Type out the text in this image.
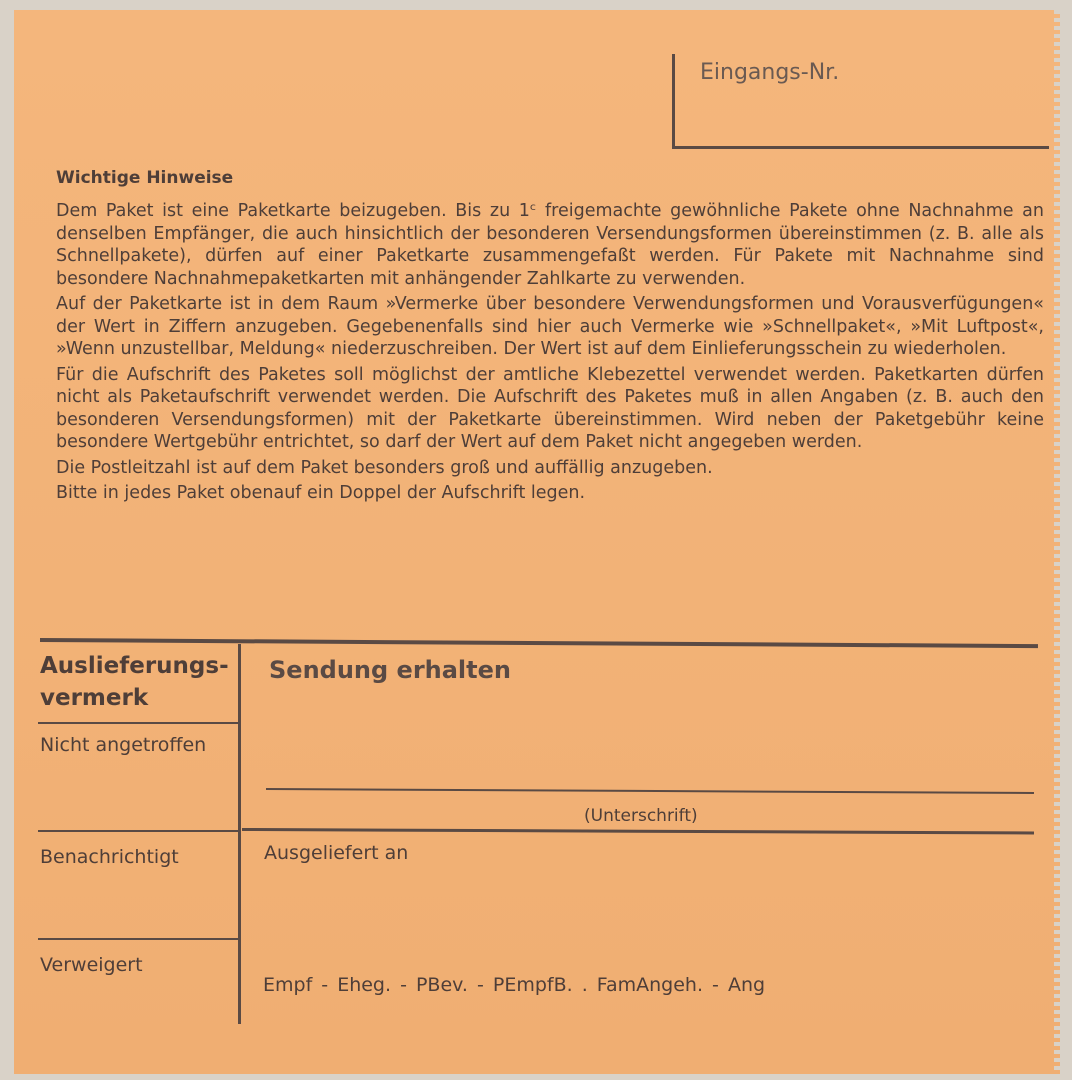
Eingangs-Nr.
Wichtige Hinweise

Dem Paket ist eine Paketkarte beizugeben. Bis zu 1ᶜ freigemachte gewöhnliche Pakete ohne Nachnahme an denselben Empfänger, die auch hinsichtlich der besonderen Versendungsformen übereinstimmen (z. B. alle als Schnellpakete), dürfen auf einer Paketkarte zusammengefaßt werden. Für Pakete mit Nachnahme sind besondere Nachnahmepaketkarten mit anhängender Zahlkarte zu verwenden.

Auf der Paketkarte ist in dem Raum »Vermerke über besondere Verwendungsformen und Vorausverfügungen« der Wert in Ziffern anzugeben. Gegebenenfalls sind hier auch Vermerke wie »Schnellpaket«, »Mit Luftpost«, »Wenn unzustellbar, Meldung« niederzuschreiben. Der Wert ist auf dem Einlieferungsschein zu wiederholen.

Für die Aufschrift des Paketes soll möglichst der amtliche Klebezettel verwendet werden. Paketkarten dürfen nicht als Paketaufschrift verwendet werden. Die Aufschrift des Paketes muß in allen Angaben (z. B. auch den besonderen Versendungsformen) mit der Paketkarte übereinstimmen. Wird neben der Paketgebühr keine besondere Wertgebühr entrichtet, so darf der Wert auf dem Paket nicht angegeben werden.

Die Postleitzahl ist auf dem Paket besonders groß und auffällig anzugeben.

Bitte in jedes Paket obenauf ein Doppel der Aufschrift legen.

Auslieferungs-
vermerk
Nicht angetroffen
Benachrichtigt
Verweigert
Sendung erhalten
(Unterschrift)
Ausgeliefert an
Empf - Eheg. - PBev. - PEmpfB. . FamAngeh. - Ang
